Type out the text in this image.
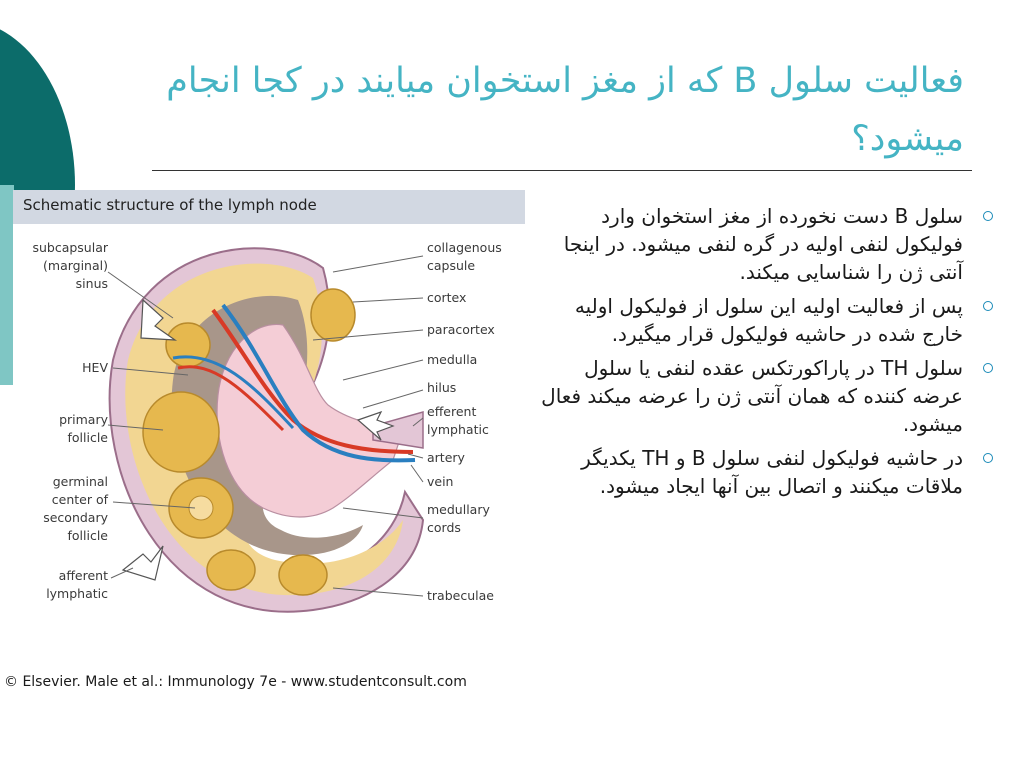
فعالیت سلول B که از مغز استخوان میایند در کجا انجام میشود؟
Schematic structure of the lymph node
subcapsular
(marginal)
sinus
HEV
primary
follicle
germinal
center of
secondary
follicle
afferent
lymphatic
collagenous
capsule
cortex
paracortex
medulla
hilus
efferent
lymphatic
artery
vein
medullary
cords
trabeculae
© Elsevier. Male et al.: Immunology 7e - www.studentconsult.com
سلول B دست نخورده از مغز استخوان وارد فولیکول لنفی اولیه در گره لنفی میشود. در اینجا آنتی ژن را شناسایی میکند.
پس از فعالیت اولیه این سلول از فولیکول اولیه خارج شده در حاشیه فولیکول قرار میگیرد.
سلول TH در پاراکورتکس عقده لنفی یا سلول عرضه کننده که همان آنتی ژن را عرضه میکند فعال میشود.
در حاشیه فولیکول لنفی سلول B و TH یکدیگر ملاقات میکنند و اتصال بین آنها ایجاد میشود.
